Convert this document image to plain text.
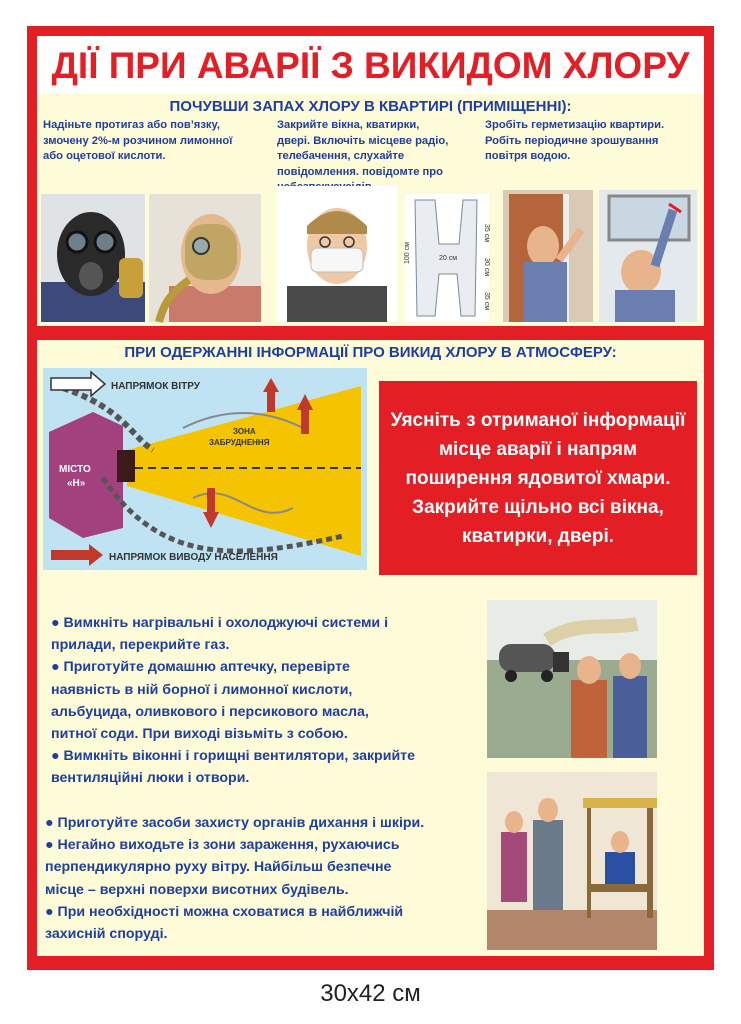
ДІЇ ПРИ АВАРІЇ З ВИКИДОМ ХЛОРУ
ПОЧУВШИ ЗАПАХ ХЛОРУ В КВАРТИРІ (ПРИМІЩЕННІ):
Надіньте протигаз або пов’язку,
змочену 2%-м розчином лимонної
або оцетової кислоти.
Закрийте вікна, кватирки,
двері. Включіть місцеве радіо,
телебачення, слухайте
повідомлення. повідомте про
Зробіть герметизацію квартири.
Робіть періодичне зрошування
повітря водою.
100 см	20 см
35 см
30 см
35 см
ПРИ ОДЕРЖАННІ ІНФОРМАЦІЇ ПРО ВИКИД ХЛОРУ В АТМОСФЕРУ:
НАПРЯМОК ВІТРУ
ЗОНА
ЗАБРУДНЕННЯ
МІСТО
«Н»
НАПРЯМОК ВИВОДУ НАСЕЛЕННЯ
Уясніть з отриманої інформації місце аварії і напрям поширення ядовитої хмари. Закрийте щільно всі вікна, кватирки, двері.
● Вимкніть нагрівальні і охолоджуючі системи і
прилади, перекрийте газ.
● Приготуйте домашню аптечку, перевірте
наявність в ній борної і лимонної кислоти,
альбуцида, оливкового і персикового масла,
питної соди. При виході візьміть з собою.
● Вимкніть віконні і горищні вентилятори, закрийте
вентиляційні люки і отвори.
● Приготуйте засоби захисту органів дихання і шкіри.
● Негайно виходьте із зони зараження, рухаючись
перпендикулярно руху вітру. Найбільш безпечне
місце – верхні поверхи висотних будівель.
● При необхідності можна сховатися в найближчій
захисній споруді.
30х42 см
